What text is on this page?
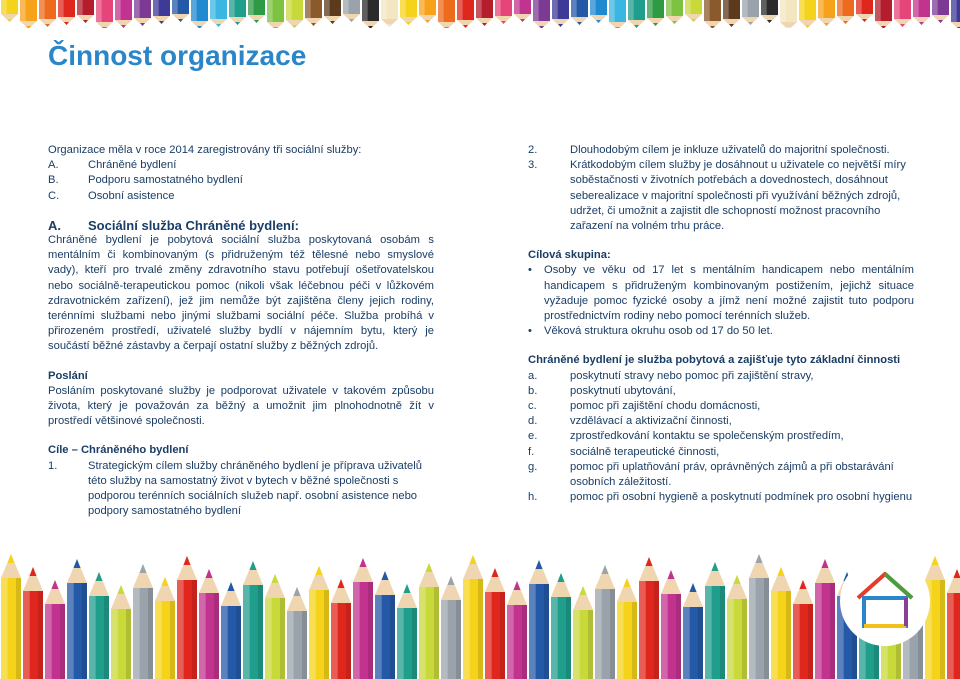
Činnost organizace

Organizace měla v roce 2014 zaregistrovány tři sociální služby:

A.	Chráněné bydlení
B.	Podporu samostatného bydlení
C.	Osobní asistence
A.	Sociální služba Chráněné bydlení:

Chráněné bydlení je pobytová sociální služba poskytovaná osobám s mentálním či kombinovaným (s přidruženým též tělesné nebo smyslové vady), kteří pro trvalé změny zdravotního stavu potřebují ošetřovatelskou nebo sociálně-terapeutickou pomoc (nikoli však léčebnou péči v lůžkovém zdravotnickém zařízení), jež jim nemůže být zajištěna členy jejich rodiny, terénními službami nebo jinými službami sociální péče. Služba probíhá v přirozeném prostředí, uživatelé služby bydlí v nájemním bytu, který je součástí běžné zástavby a čerpají ostatní služby z běžných zdrojů.

Poslání

Posláním poskytované služby je podporovat uživatele v takovém způsobu života, který je považován za běžný a umožnit jim plnohodnotně žít v prostředí většinové společnosti.

Cíle – Chráněného bydlení

1.	Strategickým cílem služby chráněného bydlení je příprava uživatelů této služby na samostatný život v bytech v běžné společnosti s podporou terénních sociálních služeb např. osobní asistence nebo podpory samostatného bydlení
2.	Dlouhodobým cílem je inkluze uživatelů do majoritní společnosti.
3.	Krátkodobým cílem služby je dosáhnout u uživatele co největší míry soběstačnosti v životních potřebách a dovednostech, dosáhnout seberealizace v majoritní společnosti při využívání běžných zdrojů, udržet, či umožnit a zajistit dle schopností možnost pracovního zařazení na volném trhu práce.

Cílová skupina:

•	Osoby ve věku od 17 let s mentálním handicapem nebo mentálním handicapem s přidruženým kombinovaným postižením, jejichž situace vyžaduje pomoc fyzické osoby a jímž není možné zajistit tuto podporu prostřednictvím rodiny nebo pomocí terénních služeb.
•	Věková struktura okruhu osob od 17 do 50 let.

Chráněné bydlení je služba pobytová a zajišťuje tyto základní činnosti

a.	poskytnutí stravy nebo pomoc při zajištění stravy,
b.	poskytnutí ubytování,
c.	pomoc při zajištění chodu domácnosti,
d.	vzdělávací a aktivizační činnosti,
e.	zprostředkování kontaktu se společenským prostředím,
f.	sociálně terapeutické činnosti,
g.	pomoc při uplatňování práv, oprávněných zájmů a při obstarávání osobních záležitostí.
h.	pomoc při osobní hygieně a poskytnutí podmínek pro osobní hygienu
